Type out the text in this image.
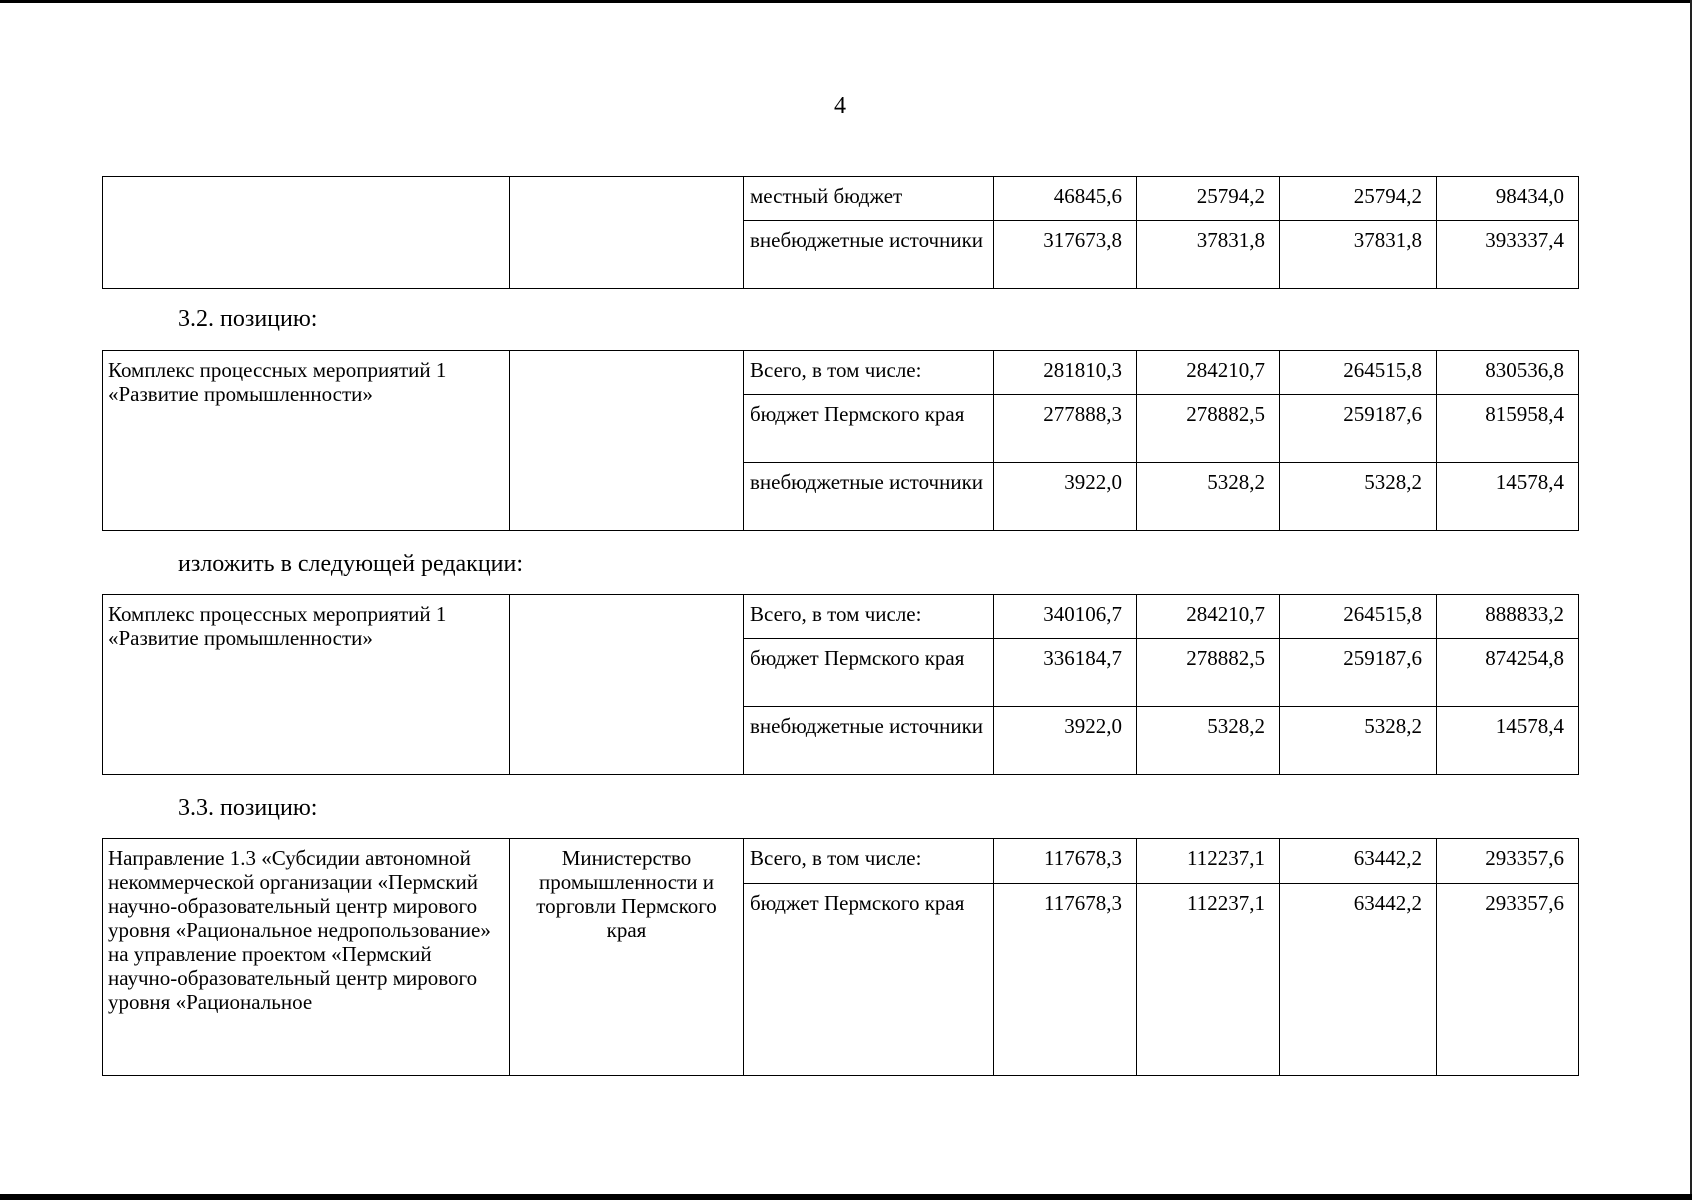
4
		местный бюджет	46845,6	25794,2	25794,2	98434,0
		внебюджетные источники	317673,8	37831,8	37831,8	393337,4
3.2. позицию:
Комплекс процессных мероприятий 1 «Развитие промышленности»		Всего, в том числе:	281810,3	284210,7	264515,8	830536,8
		бюджет Пермского края	277888,3	278882,5	259187,6	815958,4
		внебюджетные источники	3922,0	5328,2	5328,2	14578,4
изложить в следующей редакции:
Комплекс процессных мероприятий 1 «Развитие промышленности»		Всего, в том числе:	340106,7	284210,7	264515,8	888833,2
		бюджет Пермского края	336184,7	278882,5	259187,6	874254,8
		внебюджетные источники	3922,0	5328,2	5328,2	14578,4
3.3. позицию:
Направление 1.3 «Субсидии автономной некоммерческой организации «Пермский научно-образовательный центр мирового уровня «Рациональное недропользование» на управление проектом «Пермский научно-образовательный центр мирового уровня «Рациональное	Министерство промышленности и торговли Пермского края	Всего, в том числе:	117678,3	112237,1	63442,2	293357,6
		бюджет Пермского края	117678,3	112237,1	63442,2	293357,6
